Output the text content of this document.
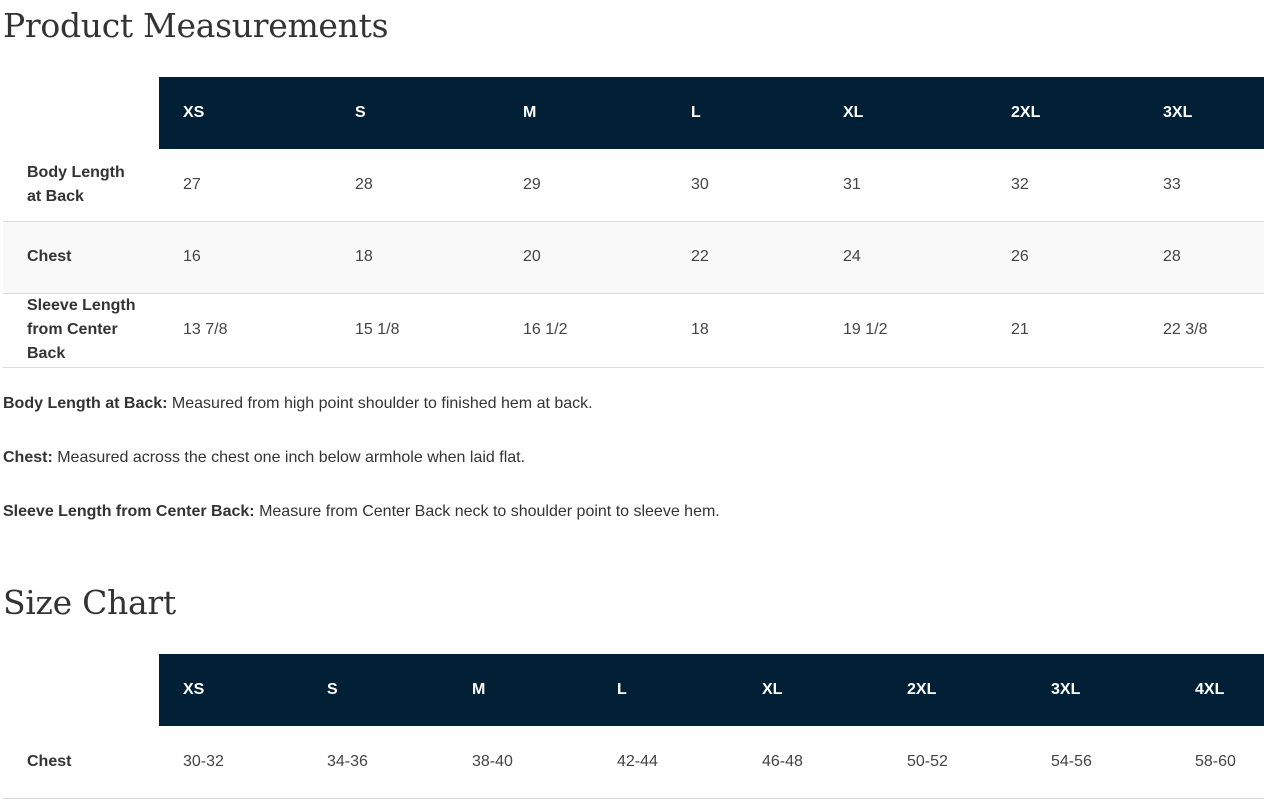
Product Measurements
	XS	S	M	L	XL	2XL	3XL
Body Length at Back	27	28	29	30	31	32	33
Chest	16	18	20	22	24	26	28
Sleeve Length from Center Back	13 7/8	15 1/8	16 1/2	18	19 1/2	21	22 3/8

Body Length at Back: Measured from high point shoulder to finished hem at back.

Chest: Measured across the chest one inch below armhole when laid flat.

Sleeve Length from Center Back: Measure from Center Back neck to shoulder point to sleeve hem.

Size Chart
	XS	S	M	L	XL	2XL	3XL	4XL
Chest	30-32	34-36	38-40	42-44	46-48	50-52	54-56	58-60
